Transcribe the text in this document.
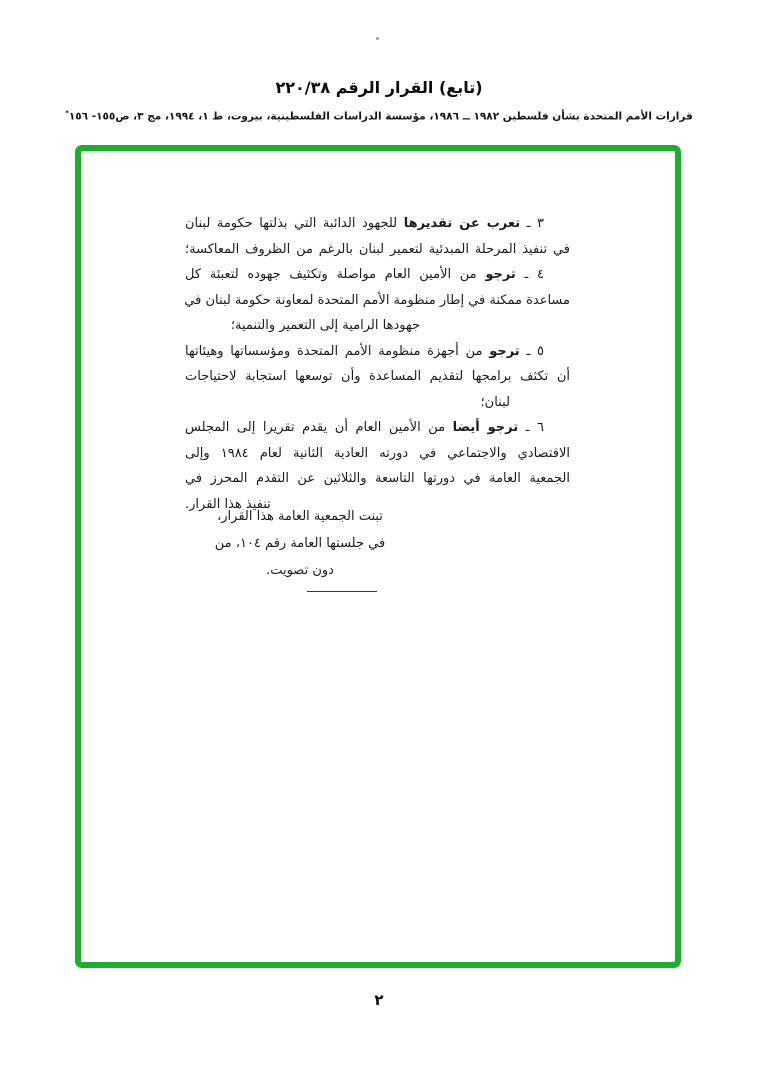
(تابع) القرار الرقم ٢٢٠/٣٨
قرارات الأمم المتحدة بشأن فلسطين ١٩٨٢ ــ ١٩٨٦، مؤسسة الدراسات الفلسطينية، بيروت، ط ١، ١٩٩٤، مج ٣، ص١٥٥- ١٥٦*
٣ ـ تعرب عن تقديرها للجهود الدائبة التي بذلتها حكومة لبنان
في تنفيذ المرحلة المبدئية لتعمير لبنان بالرغم من الظروف المعاكسة؛
٤ ـ ترجو من الأمين العام مواصلة وتكثيف جهوده لتعبئة كل
مساعدة ممكنة في إطار منظومة الأمم المتحدة لمعاونة حكومة لبنان في
جهودها الرامية إلى التعمير والتنمية؛
٥ ـ ترجو من أجهزة منظومة الأمم المتحدة ومؤسساتها وهيئاتها
أن تكثف برامجها لتقديم المساعدة وأن توسعها استجابة لاحتياجات
لبنان؛
٦ ـ ترجو أيضا من الأمين العام أن يقدم تقريرا إلى المجلس
الاقتصادي والاجتماعي في دورته العادية الثانية لعام ١٩٨٤ وإلى
الجمعية العامة في دورتها التاسعة والثلاثين عن التقدم المحرز في
تنفيذ هذا القرار.
تبنت الجمعية العامة هذا القرار،
في جلستها العامة رقم ١٠٤، من
دون تصويت.
٢
